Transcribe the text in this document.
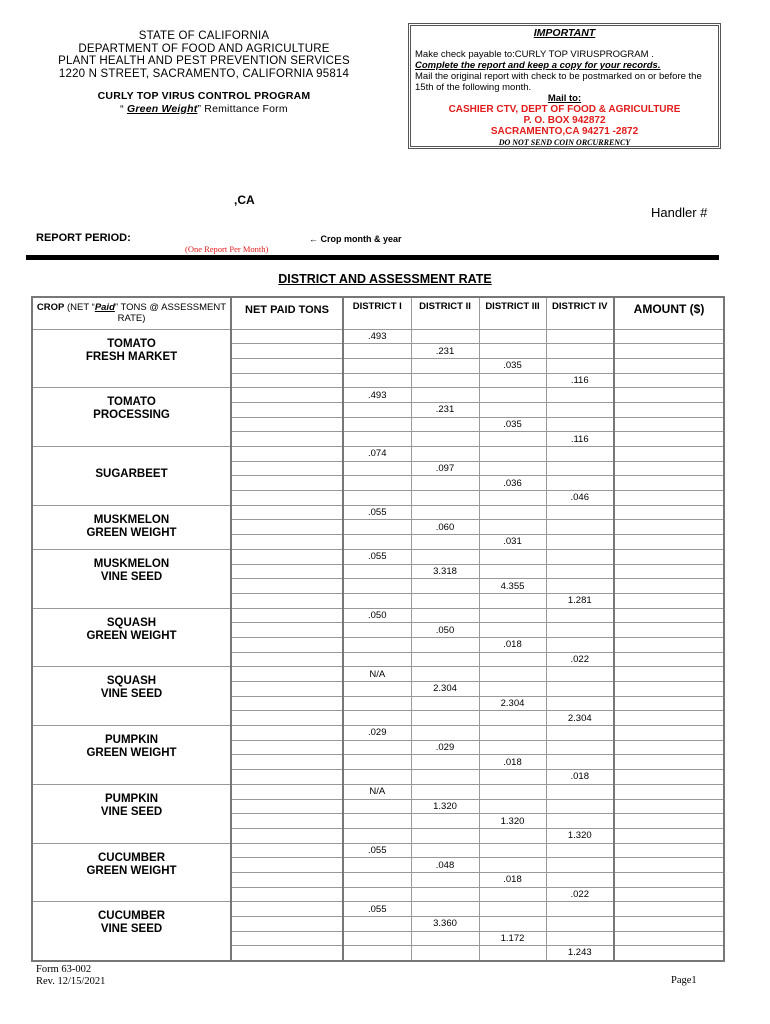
STATE OF CALIFORNIA
DEPARTMENT OF FOOD AND AGRICULTURE
PLANT HEALTH AND PEST PREVENTION SERVICES
1220 N STREET, SACRAMENTO, CALIFORNIA 95814
CURLY TOP VIRUS CONTROL PROGRAM
“ Green Weight” Remittance Form
IMPORTANT
Make check payable to:CURLY TOP VIRUSPROGRAM .
Complete the report and keep a copy for your records.
Mail the original report with check to be postmarked on or before the 15th of the following month.
Mail to:
CASHIER CTV, DEPT OF FOOD & AGRICULTURE
P. O. BOX 942872
SACRAMENTO,CA 94271 -2872
DO NOT SEND COIN ORCURRENCY
,CA
Handler #
REPORT PERIOD:
(One Report Per Month)
← Crop month & year
DISTRICT AND ASSESSMENT RATE
CROP (NET “Paid” TONS @ ASSESSMENT RATE)	NET PAID TONS	DISTRICT I	DISTRICT II	DISTRICT III	DISTRICT IV	AMOUNT ($)

TOMATO
FRESH MARKET		.493				
			.231			
				.035		
					.116	

TOMATO
PROCESSING		.493				
			.231			
				.035		
					.116	

SUGARBEET		.074				
			.097			
				.036		
					.046	

MUSKMELON
GREEN WEIGHT		.055				
			.060			
				.031		

MUSKMELON
VINE SEED		.055				
			3.318			
				4.355		
					1.281	

SQUASH
GREEN WEIGHT		.050				
			.050			
				.018		
					.022	

SQUASH
VINE SEED		N/A				
			2.304			
				2.304		
					2.304	

PUMPKIN
GREEN WEIGHT		.029				
			.029			
				.018		
					.018	

PUMPKIN
VINE SEED		N/A				
			1.320			
				1.320		
					1.320	

CUCUMBER
GREEN WEIGHT		.055				
			.048			
				.018		
					.022	

CUCUMBER
VINE SEED		.055				
			3.360			
				1.172		
					1.243	
Form 63-002
Rev. 12/15/2021	Page1
